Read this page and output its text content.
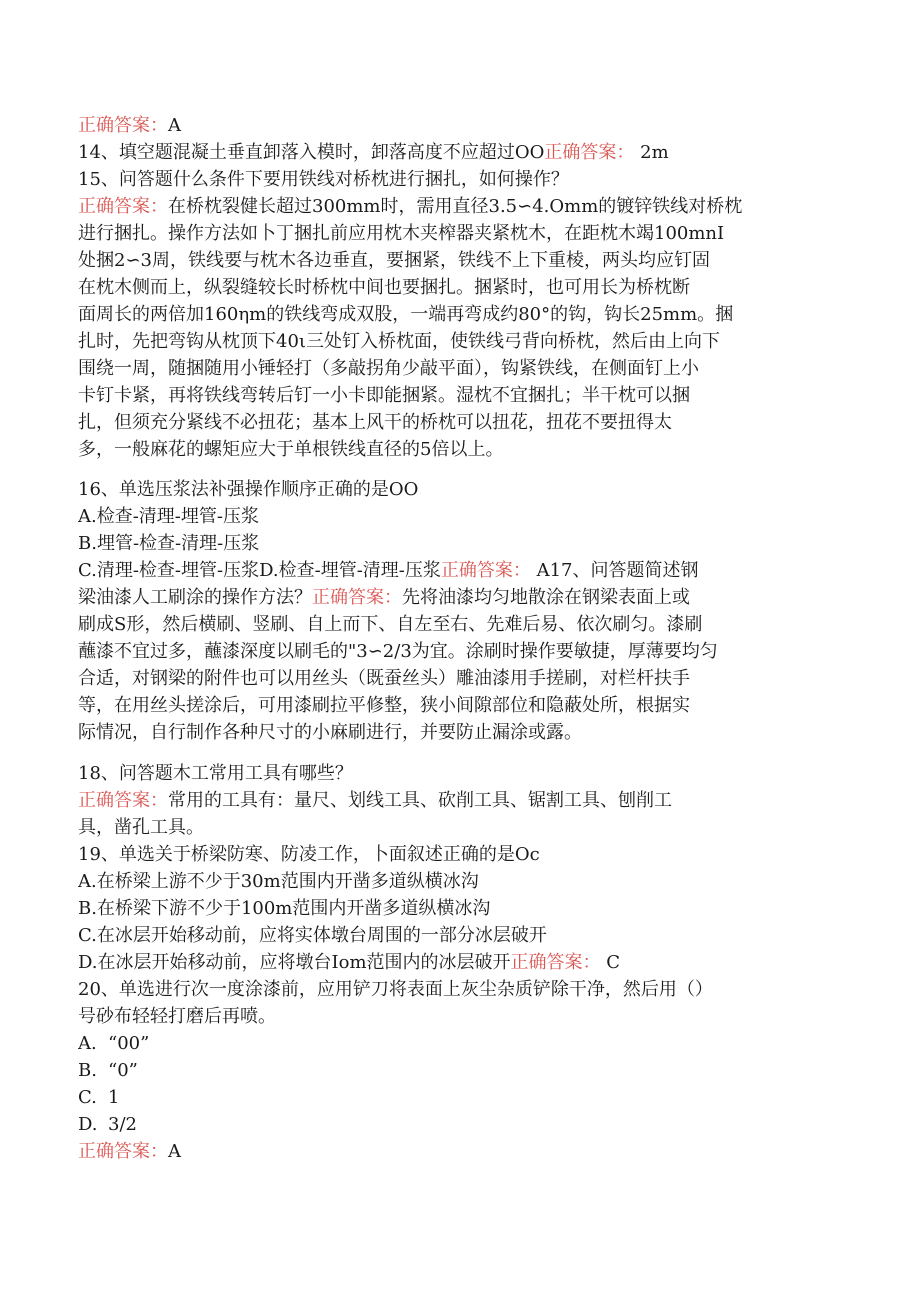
正确答案：A
14、填空题混凝土垂直卸落入模时，卸落高度不应超过OO正确答案： 2m
15、问答题什么条件下要用铁线对桥枕进行捆扎，如何操作？
正确答案：在桥枕裂健长超过300mm时，需用直径3.5∽4.Omm的镀锌铁线对桥枕
进行捆扎。操作方法如卜丁捆扎前应用枕木夹榨器夹紧枕木，在距枕木竭100mnI
处捆2∽3周，铁线要与枕木各边垂直，要捆紧，铁线不上下重棱，两头均应钉固
在枕木侧而上，纵裂缝较长时桥枕中间也要捆扎。捆紧时，也可用长为桥枕断
面周长的两倍加160ηm的铁线弯成双股，一端再弯成约80°的钩，钩长25mm。捆
扎时，先把弯钩从枕顶下40ι三处钉入桥枕面，使铁线弓背向桥枕，然后由上向下
围绕一周，随捆随用小锤轻打（多敲拐角少敲平面），钩紧铁线，在侧面钉上小
卡钉卡紧，再将铁线弯转后钉一小卡即能捆紧。湿枕不宜捆扎；半干枕可以捆
扎，但须充分紧线不必扭花；基本上风干的桥枕可以扭花，扭花不要扭得太
多，一般麻花的螺矩应大于单根铁线直径的5倍以上。
16、单选压浆法补强操作顺序正确的是OO
A.检查-清理-埋管-压浆
B.埋管-检查-清理-压浆
C.清理-检查-埋管-压浆D.检查-埋管-清理-压浆正确答案： A17、问答题简述钢
梁油漆人工刷涂的操作方法？正确答案：先将油漆均匀地散涂在钢梁表面上或
刷成S形，然后横刷、竖刷、自上而下、自左至右、先难后易、依次刷匀。漆刷
蘸漆不宜过多，蘸漆深度以刷毛的"3∽2/3为宜。涂刷时操作要敏捷，厚薄要均匀
合适，对钢梁的附件也可以用丝头（既蚕丝头）雕油漆用手搓刷，对栏杆扶手
等，在用丝头搓涂后，可用漆刷拉平修整，狭小间隙部位和隐蔽处所，根据实
际情况，自行制作各种尺寸的小麻刷进行，并要防止漏涂或露。
18、问答题木工常用工具有哪些？
正确答案：常用的工具有：量尺、划线工具、砍削工具、锯割工具、刨削工
具，凿孔工具。
19、单选关于桥梁防寒、防凌工作，卜面叙述正确的是Oc
A.在桥梁上游不少于30m范围内开凿多道纵横冰沟
B.在桥梁下游不少于100m范围内开凿多道纵横冰沟
C.在冰层开始移动前，应将实体墩台周围的一部分冰层破开
D.在冰层开始移动前，应将墩台Iom范围内的冰层破开正确答案： C
20、单选进行次一度涂漆前，应用铲刀将表面上灰尘杂质铲除干净，然后用（）
号砂布轻轻打磨后再喷。
A. “00”
B. “0”
C. 1
D. 3/2
正确答案：A
